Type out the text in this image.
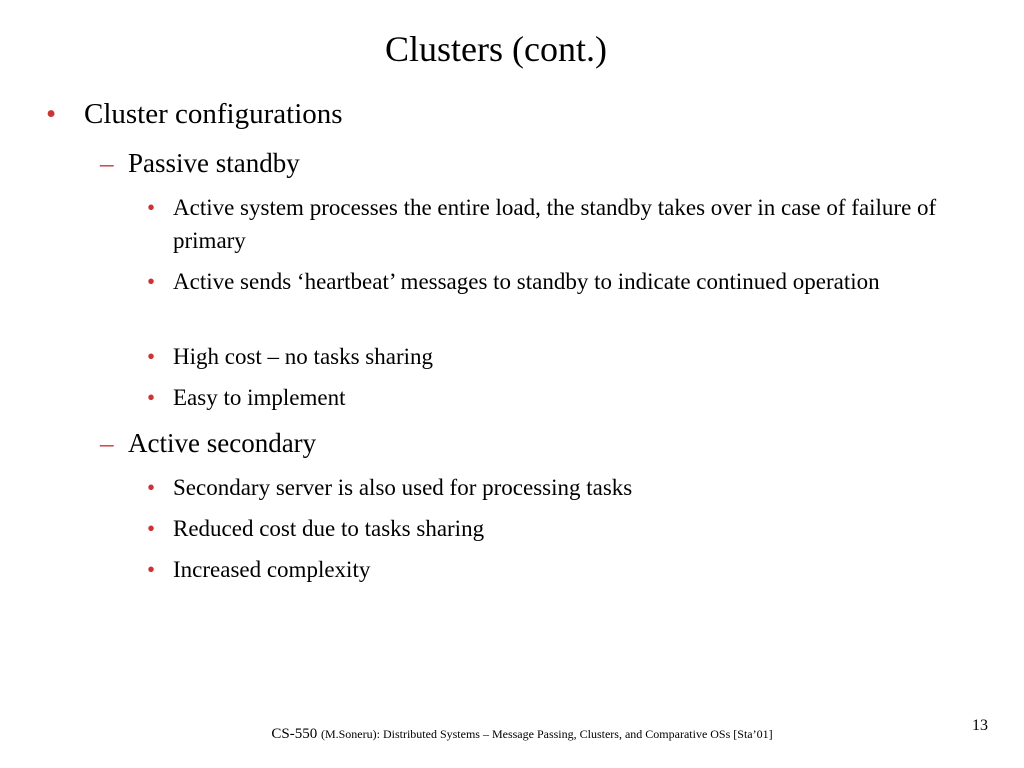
Clusters (cont.)
• Cluster configurations
– Passive standby
• Active system processes the entire load, the standby takes over in case of failure of primary
• Active sends ‘heartbeat’ messages to standby to indicate continued operation
• High cost – no tasks sharing
• Easy to implement
– Active secondary
• Secondary server is also used for processing tasks
• Reduced cost due to tasks sharing
• Increased complexity
CS-550 (M.Soneru): Distributed Systems – Message Passing, Clusters, and Comparative OSs [Sta’01]	13
